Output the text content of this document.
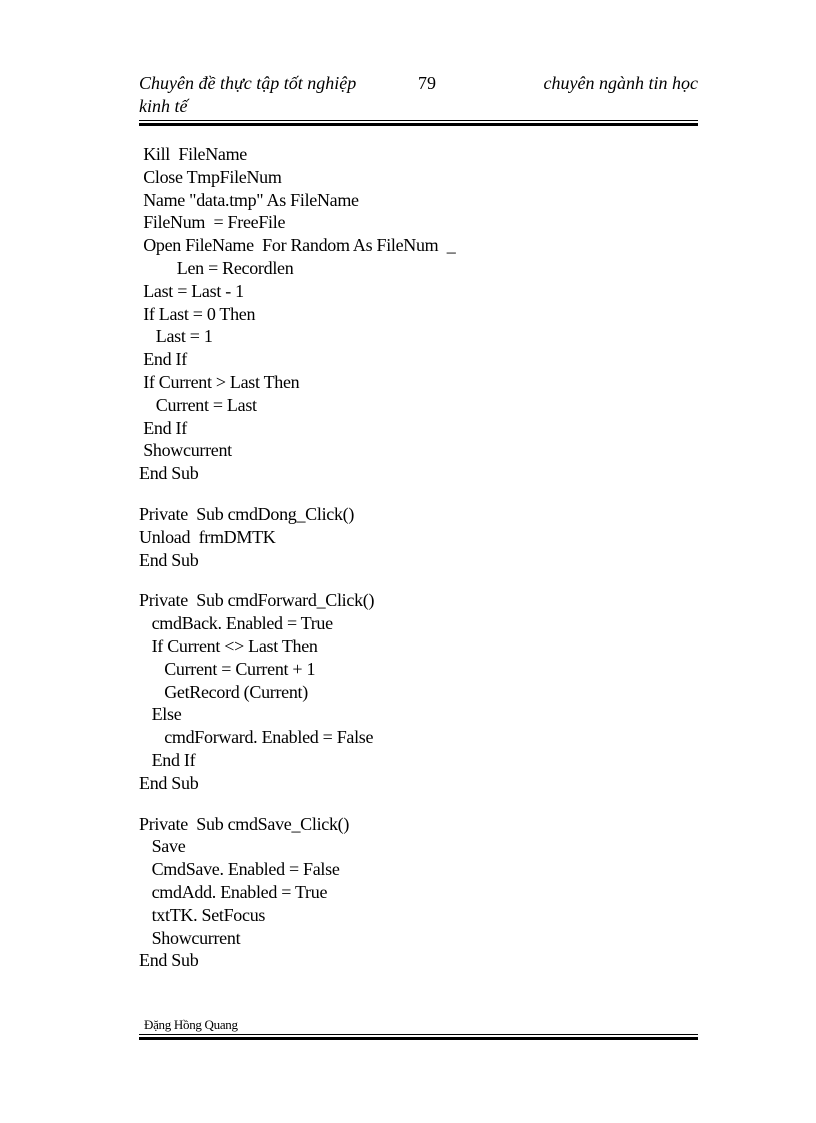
Chuyên đề thực tập tốt nghiệp
kinh tế
79	chuyên ngành tin học
Kill  FileName
Close TmpFileNum
Name "data.tmp" As FileName
FileNum  = FreeFile
Open FileName  For Random As FileNum  _
Len = Recordlen
Last = Last - 1
If Last = 0 Then
Last = 1
End If
If Current > Last Then
Current = Last
End If
Showcurrent
End Sub
Private  Sub cmdDong_Click()
Unload  frmDMTK
End Sub
Private  Sub cmdForward_Click()
cmdBack. Enabled = True
If Current <> Last Then
Current = Current + 1
GetRecord (Current)
Else
cmdForward. Enabled = False
End If
End Sub
Private  Sub cmdSave_Click()
Save
CmdSave. Enabled = False
cmdAdd. Enabled = True
txtTK. SetFocus
Showcurrent
End Sub
Đặng Hồng Quang
